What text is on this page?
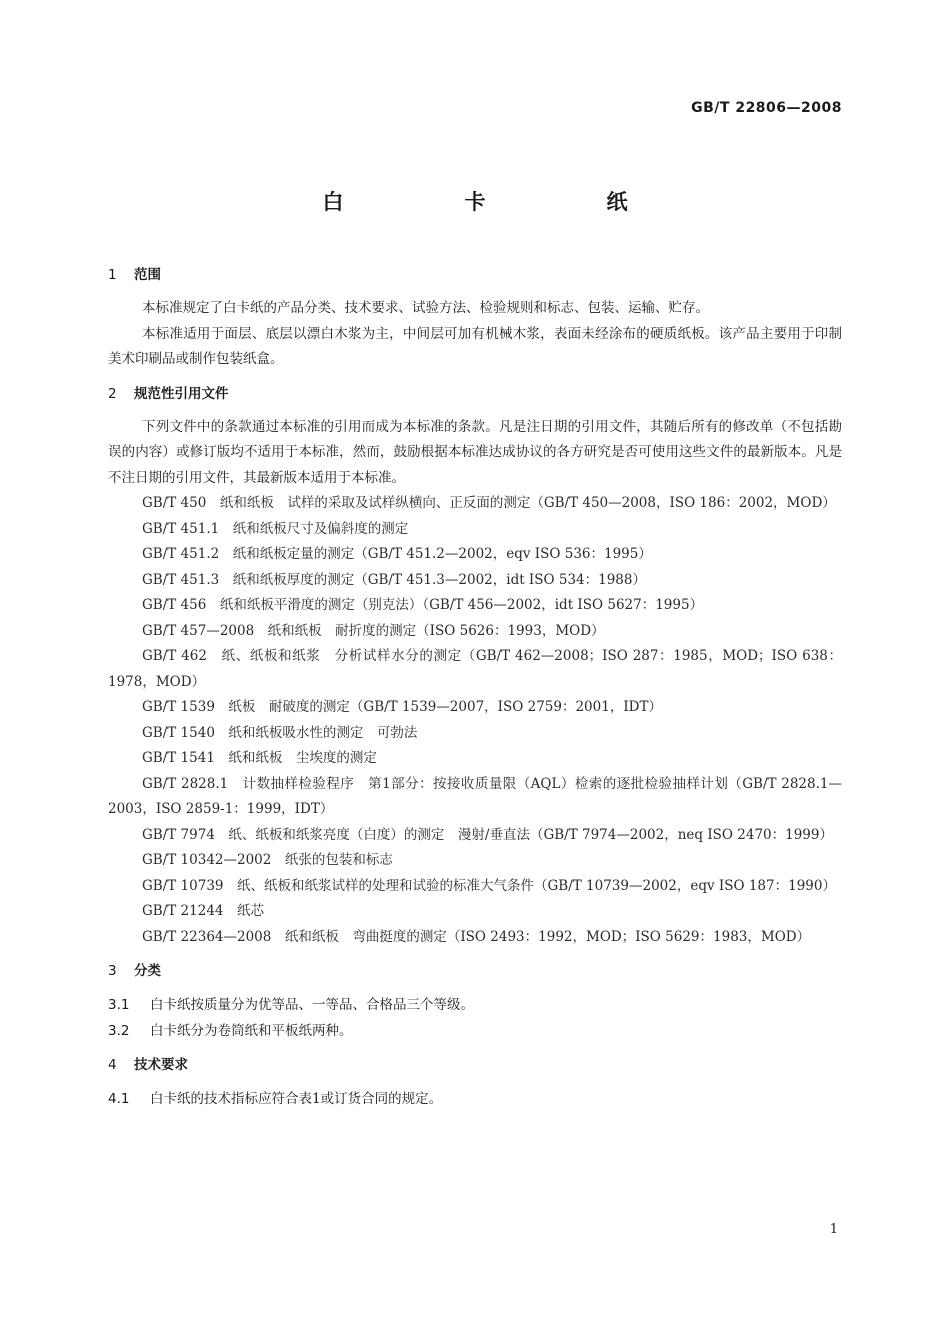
GB/T 22806—2008
白　卡　纸
1 范围

本标准规定了白卡纸的产品分类、技术要求、试验方法、检验规则和标志、包装、运输、贮存。

本标准适用于面层、底层以漂白木浆为主，中间层可加有机械木浆，表面未经涂布的硬质纸板。该产品主要用于印制美术印刷品或制作包装纸盒。

2 规范性引用文件

下列文件中的条款通过本标准的引用而成为本标准的条款。凡是注日期的引用文件，其随后所有的修改单（不包括勘误的内容）或修订版均不适用于本标准，然而，鼓励根据本标准达成协议的各方研究是否可使用这些文件的最新版本。凡是不注日期的引用文件，其最新版本适用于本标准。

GB/T 450　纸和纸板　试样的采取及试样纵横向、正反面的测定（GB/T 450—2008，ISO 186：2002，MOD）

GB/T 451.1　纸和纸板尺寸及偏斜度的测定

GB/T 451.2　纸和纸板定量的测定（GB/T 451.2—2002，eqv ISO 536：1995）

GB/T 451.3　纸和纸板厚度的测定（GB/T 451.3—2002，idt ISO 534：1988）

GB/T 456　纸和纸板平滑度的测定（别克法）（GB/T 456—2002，idt ISO 5627：1995）

GB/T 457—2008　纸和纸板　耐折度的测定（ISO 5626：1993，MOD）

GB/T 462　纸、纸板和纸浆　分析试样水分的测定（GB/T 462—2008；ISO 287：1985，MOD；ISO 638：1978，MOD）

GB/T 1539　纸板　耐破度的测定（GB/T 1539—2007，ISO 2759：2001，IDT）

GB/T 1540　纸和纸板吸水性的测定　可勃法

GB/T 1541　纸和纸板　尘埃度的测定

GB/T 2828.1　计数抽样检验程序　第1部分：按接收质量限（AQL）检索的逐批检验抽样计划（GB/T 2828.1—2003，ISO 2859-1：1999，IDT）

GB/T 7974　纸、纸板和纸浆亮度（白度）的测定　漫射/垂直法（GB/T 7974—2002，neq ISO 2470：1999）

GB/T 10342—2002　纸张的包装和标志

GB/T 10739　纸、纸板和纸浆试样的处理和试验的标准大气条件（GB/T 10739—2002，eqv ISO 187：1990）

GB/T 21244　纸芯

GB/T 22364—2008　纸和纸板　弯曲挺度的测定（ISO 2493：1992，MOD；ISO 5629：1983，MOD）

3 分类
3.1 白卡纸按质量分为优等品、一等品、合格品三个等级。
3.2 白卡纸分为卷筒纸和平板纸两种。
4 技术要求
4.1 白卡纸的技术指标应符合表1或订货合同的规定。
1
